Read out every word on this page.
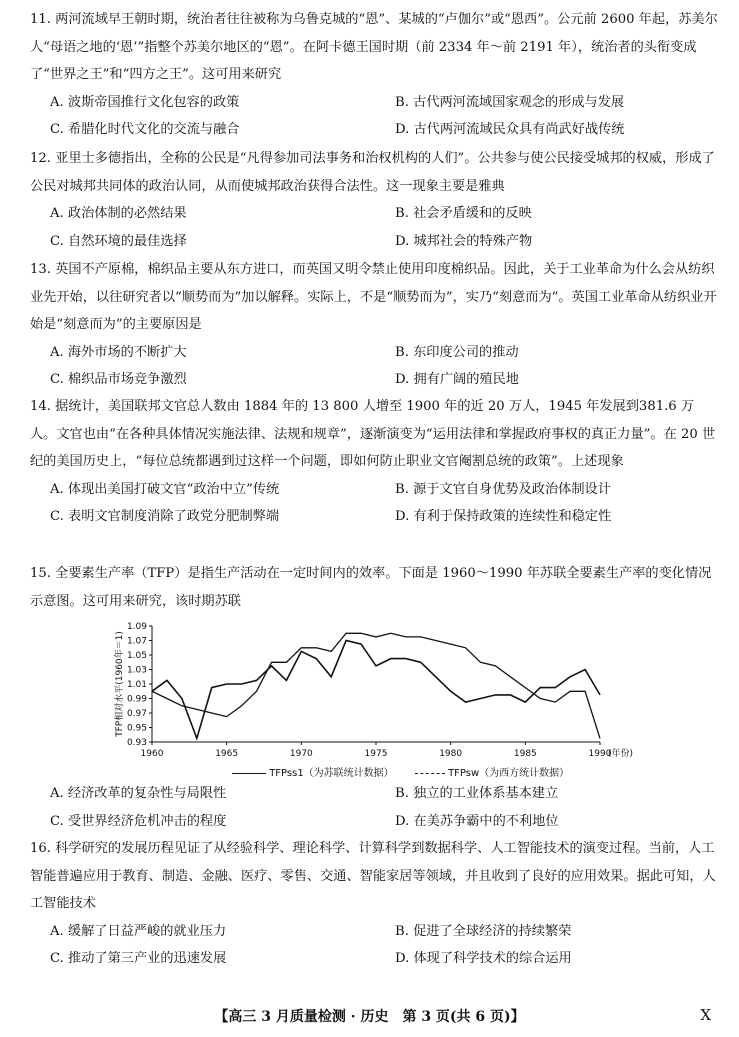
11. 两河流域早王朝时期，统治者往往被称为乌鲁克城的“恩”、某城的“卢伽尔”或“恩西”。公元前 2600 年起，苏美尔人“母语之地的‘恩’”指整个苏美尔地区的“恩”。在阿卡德王国时期（前 2334 年～前 2191 年），统治者的头衔变成了“世界之王”和“四方之王”。这可用来研究

A. 波斯帝国推行文化包容的政策	B. 古代两河流域国家观念的形成与发展
C. 希腊化时代文化的交流与融合	D. 古代两河流域民众具有尚武好战传统

12. 亚里士多德指出，全称的公民是“凡得参加司法事务和治权机构的人们”。公共参与使公民接受城邦的权威，形成了公民对城邦共同体的政治认同，从而使城邦政治获得合法性。这一现象主要是雅典

A. 政治体制的必然结果	B. 社会矛盾缓和的反映
C. 自然环境的最佳选择	D. 城邦社会的特殊产物

13. 英国不产原棉，棉织品主要从东方进口，而英国又明令禁止使用印度棉织品。因此，关于工业革命为什么会从纺织业先开始，以往研究者以“顺势而为”加以解释。实际上，不是“顺势而为”，实乃“刻意而为”。英国工业革命从纺织业开始是“刻意而为”的主要原因是

A. 海外市场的不断扩大	B. 东印度公司的推动
C. 棉织品市场竞争激烈	D. 拥有广阔的殖民地

14. 据统计，美国联邦文官总人数由 1884 年的 13 800 人增至 1900 年的近 20 万人，1945 年发展到381.6 万人。文官也由“在各种具体情况实施法律、法规和规章”，逐渐演变为“运用法律和掌握政府事权的真正力量”。在 20 世纪的美国历史上，“每位总统都遇到过这样一个问题，即如何防止职业文官阉割总统的政策”。上述现象

A. 体现出美国打破文官“政治中立”传统	B. 源于文官自身优势及政治体制设计
C. 表明文官制度消除了政党分肥制弊端	D. 有利于保持政策的连续性和稳定性

15. 全要素生产率（TFP）是指生产活动在一定时间内的效率。下面是 1960～1990 年苏联全要素生产率的变化情况示意图。这可用来研究，该时期苏联

0.93
0.95
0.97
0.99
1.01
1.03
1.05
1.07
1.09
1960	1965	1970	1975	1980	1985	1990
(年份)
TFP相对水平(1960年＝1)
TFPss1（为苏联统计数据）	TFPsw（为西方统计数据）
A. 经济改革的复杂性与局限性	B. 独立的工业体系基本建立
C. 受世界经济危机冲击的程度	D. 在美苏争霸中的不利地位

16. 科学研究的发展历程见证了从经验科学、理论科学、计算科学到数据科学、人工智能技术的演变过程。当前，人工智能普遍应用于教育、制造、金融、医疗、零售、交通、智能家居等领域，并且收到了良好的应用效果。据此可知，人工智能技术

A. 缓解了日益严峻的就业压力	B. 促进了全球经济的持续繁荣
C. 推动了第三产业的迅速发展	D. 体现了科学技术的综合运用
【高三 3 月质量检测 · 历史　第 3 页(共 6 页)】	X
